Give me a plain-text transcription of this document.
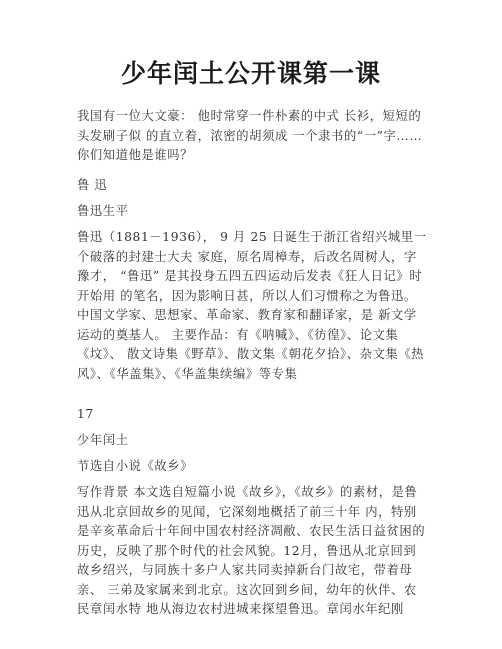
少年闰土公开课第一课

我国有一位大文豪： 他时常穿一件朴素的中式 长衫，短短的头发刷子似 的直立着，浓密的胡须成 一个隶书的“一”字…… 你们知道他是谁吗？

鲁 迅

鲁迅生平

鲁迅（1881－1936）， 9 月 25 日诞生于浙江省绍兴城里一个破落的封建士大夫 家庭，原名周樟寿，后改名周树人，字豫才， “鲁迅” 是其投身五四五四运动后发表《狂人日记》时开始用 的笔名，因为影响日甚，所以人们习惯称之为鲁迅。中国文学家、思想家、革命家、教育家和翻译家，是 新文学运动的奠基人。 主要作品：有《呐喊》、《彷徨》、论文集《坟》、 散文诗集《野草》、散文集《朝花夕拾》、杂文集《热风》、《华盖集》、《华盖集续编》等专集

17

少年闰土

节选自小说《故乡》

写作背景 本文选自短篇小说《故乡》，《故乡》的素材，是鲁迅从北京回故乡的见闻，它深刻地概括了前三十年 内，特别是辛亥革命后十年间中国农村经济凋敝、农民生活日益贫困的历史，反映了那个时代的社会风貌。12月，鲁迅从北京回到故乡绍兴，与同族十多户人家共同卖掉新台门故宅，带着母亲、 三弟及家属来到北京。这次回到乡间，幼年的伙伴、农民章闰水特 地从海边农村进城来探望鲁迅。章闰水年纪刚
